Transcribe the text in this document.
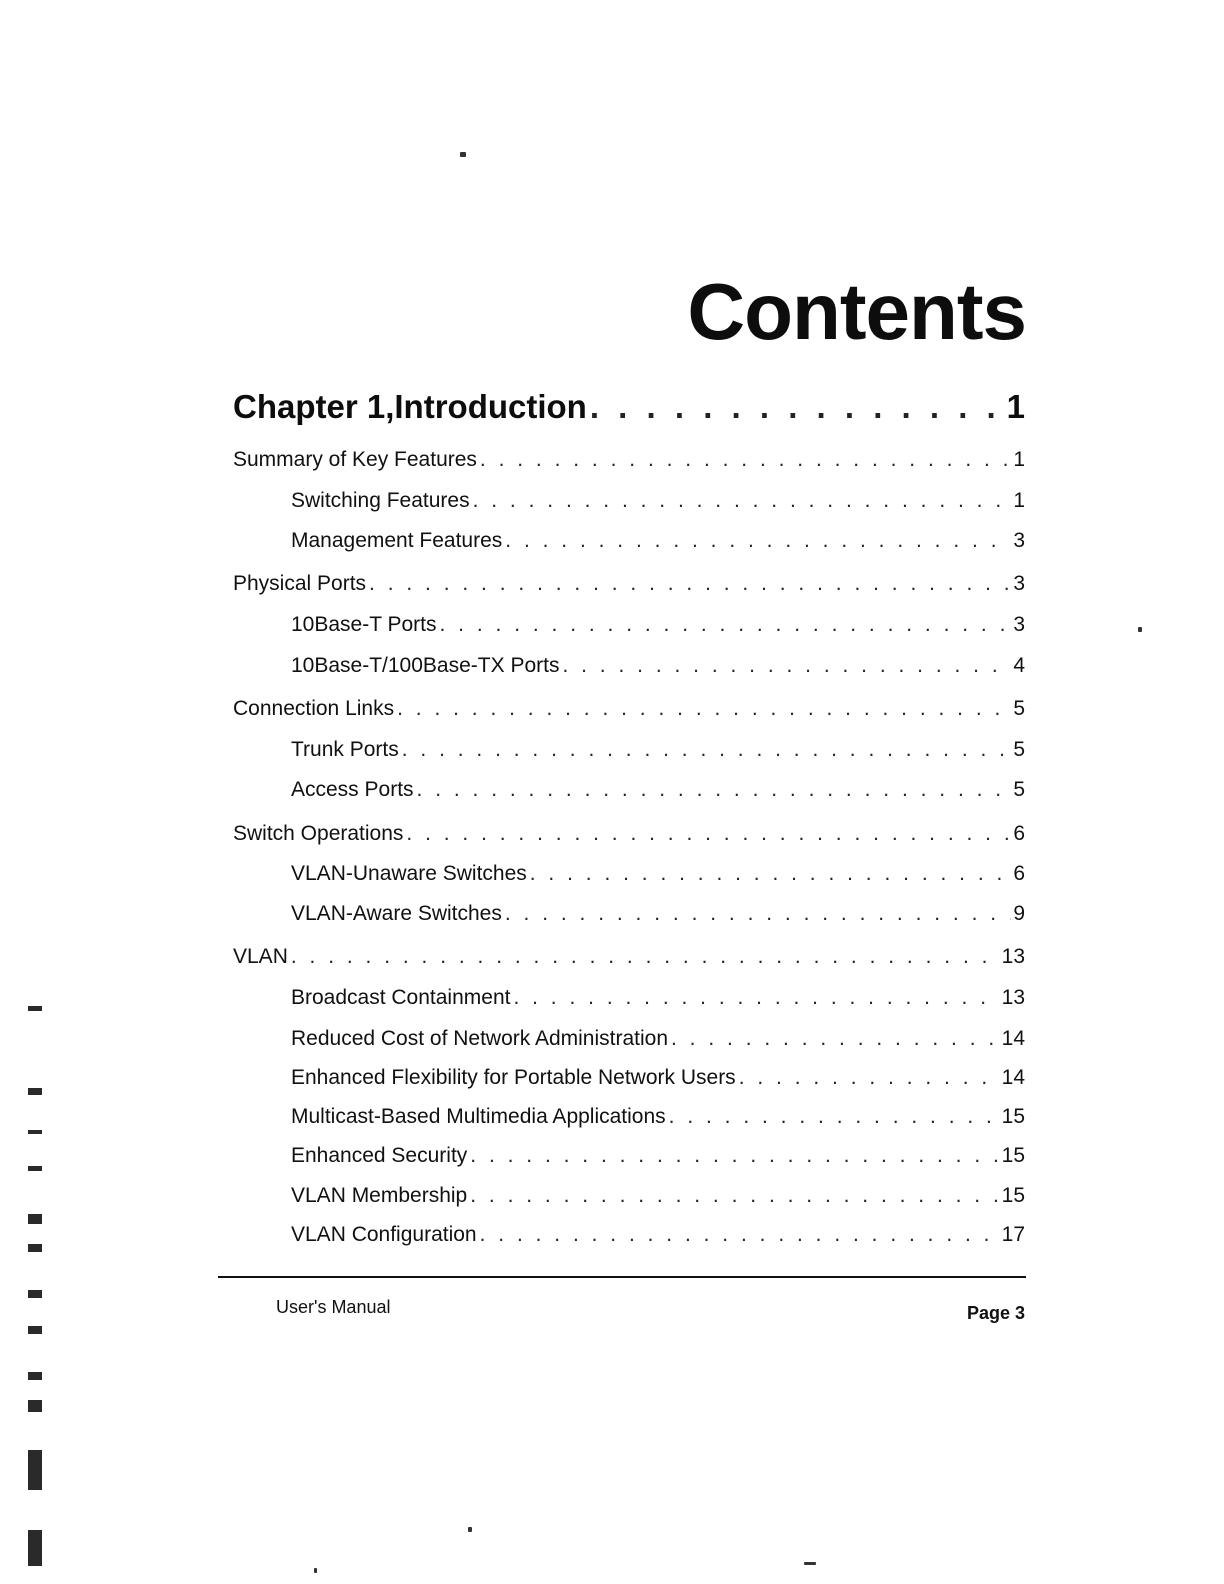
Contents
Chapter 1,Introduction . . .	1
Summary of Key Features . . .	1
Switching Features . . .	1
Management Features . . .	3
Physical Ports . . .	3
10Base-T Ports . . .	3
10Base-T/100Base-TX Ports . . .	4
Connection Links . . .	5
Trunk Ports . . .	5
Access Ports . . .	5
Switch Operations . . .	6
VLAN-Unaware Switches . . .	6
VLAN-Aware Switches . . .	9
VLAN . . .	13
Broadcast Containment . . .	13
Reduced Cost of Network Administration . . .	14
Enhanced Flexibility for Portable Network Users . . .	14
Multicast-Based Multimedia Applications . . .	15
Enhanced Security . . .	15
VLAN Membership . . .	15
VLAN Configuration . . .	17
User's Manual	Page 3
